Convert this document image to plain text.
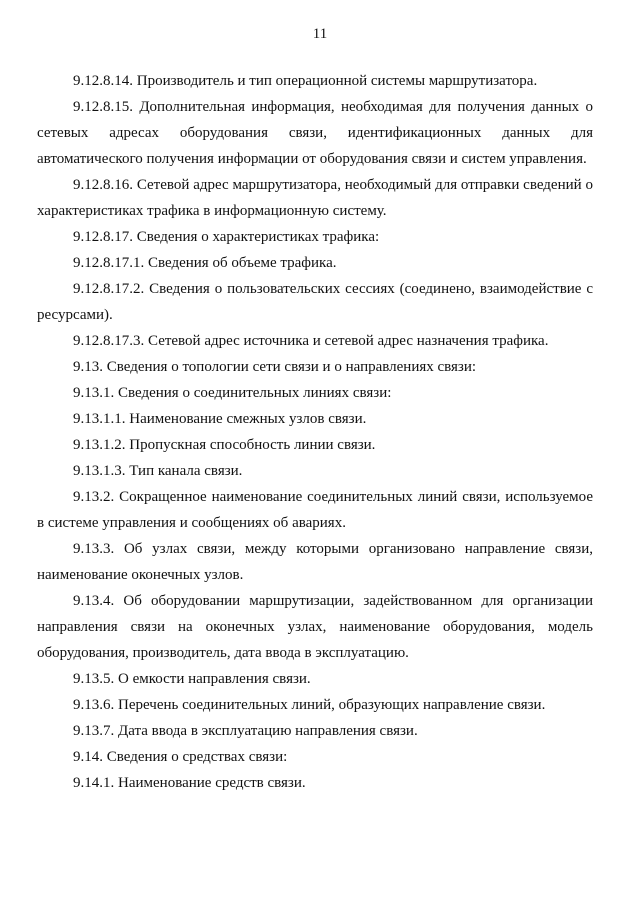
11

9.12.8.14. Производитель и тип операционной системы маршрутизатора.

9.12.8.15. Дополнительная информация, необходимая для получения данных о сетевых адресах оборудования связи, идентификационных данных для автоматического получения информации от оборудования связи и систем управления.

9.12.8.16. Сетевой адрес маршрутизатора, необходимый для отправки сведений о характеристиках трафика в информационную систему.

9.12.8.17. Сведения о характеристиках трафика:

9.12.8.17.1. Сведения об объеме трафика.

9.12.8.17.2. Сведения о пользовательских сессиях (соединено, взаимодействие с ресурсами).

9.12.8.17.3. Сетевой адрес источника и сетевой адрес назначения трафика.

9.13. Сведения о топологии сети связи и о направлениях связи:

9.13.1. Сведения о соединительных линиях связи:

9.13.1.1. Наименование смежных узлов связи.

9.13.1.2. Пропускная способность линии связи.

9.13.1.3. Тип канала связи.

9.13.2. Сокращенное наименование соединительных линий связи, используемое в системе управления и сообщениях об авариях.

9.13.3. Об узлах связи, между которыми организовано направление связи, наименование оконечных узлов.

9.13.4. Об оборудовании маршрутизации, задействованном для организации направления связи на оконечных узлах, наименование оборудования, модель оборудования, производитель, дата ввода в эксплуатацию.

9.13.5. О емкости направления связи.

9.13.6. Перечень соединительных линий, образующих направление связи.

9.13.7. Дата ввода в эксплуатацию направления связи.

9.14. Сведения о средствах связи:

9.14.1. Наименование средств связи.
